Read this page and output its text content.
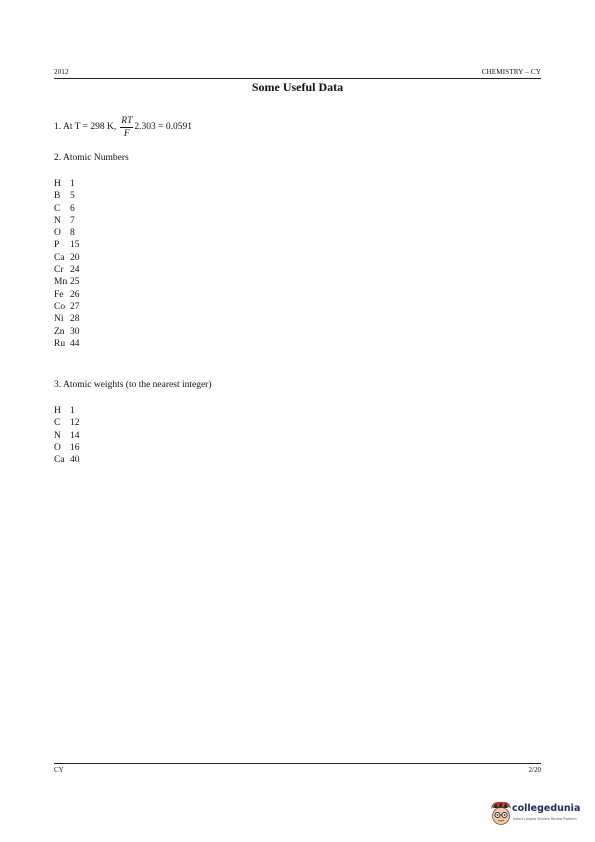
2012	CHEMISTRY – CY
Some Useful Data
1. At T = 298 K, $\frac{RT}{F} 2.303 = 0.0591$
2. Atomic Numbers
H 1
B	5
C	6
N 7
O 8
P	15
Ca 20
Cr 24
Mn 25
Fe 26
Co 27
Ni 28
Zn 30
Ru 44
3. Atomic weights (to the nearest integer)
H 1
C	12
N 14
O 16
Ca 40
CY	2/20
collegedunia
India's Largest Student Review Platform
